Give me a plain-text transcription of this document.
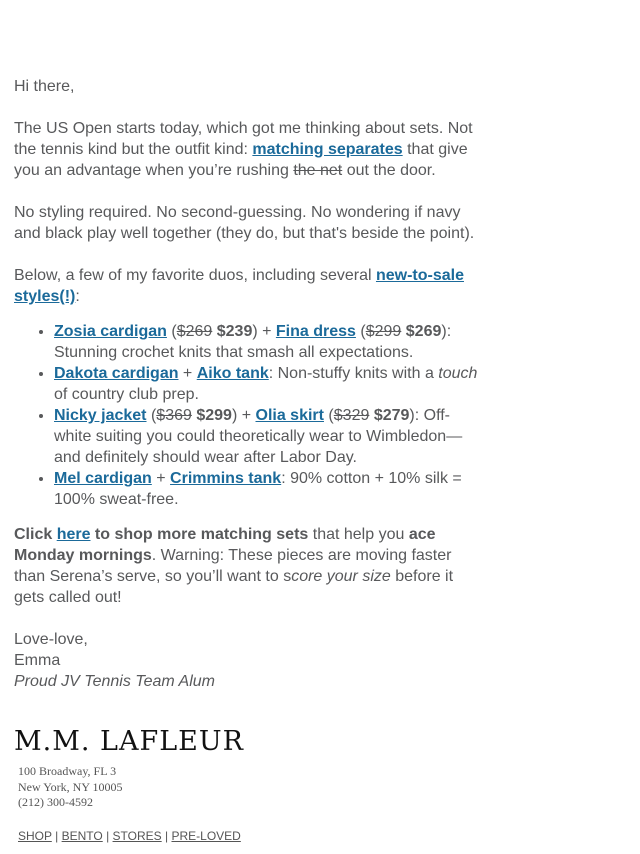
Hi there,

The US Open starts today, which got me thinking about sets. Not the tennis kind but the outfit kind: matching separates that give you an advantage when you’re rushing the net out the door.

No styling required. No second-guessing. No wondering if navy and black play well together (they do, but that's beside the point).

Below, a few of my favorite duos, including several new-to-sale styles(!):

• Zosia cardigan ($269 $239) + Fina dress ($299 $269): Stunning crochet knits that smash all expectations.
• Dakota cardigan + Aiko tank: Non-stuffy knits with a touch of country club prep.
• Nicky jacket ($369 $299) + Olia skirt ($329 $279): Off-white suiting you could theoretically wear to Wimbledon—and definitely should wear after Labor Day.
• Mel cardigan + Crimmins tank: 90% cotton + 10% silk = 100% sweat-free.

Click here to shop more matching sets that help you ace Monday mornings. Warning: These pieces are moving faster than Serena’s serve, so you’ll want to score your size before it gets called out!

Love-love,
Emma
Proud JV Tennis Team Alum
M.M. LAFLEUR
100 Broadway, FL 3
New York, NY 10005
(212) 300-4592
SHOP | BENTO | STORES | PRE-LOVED
